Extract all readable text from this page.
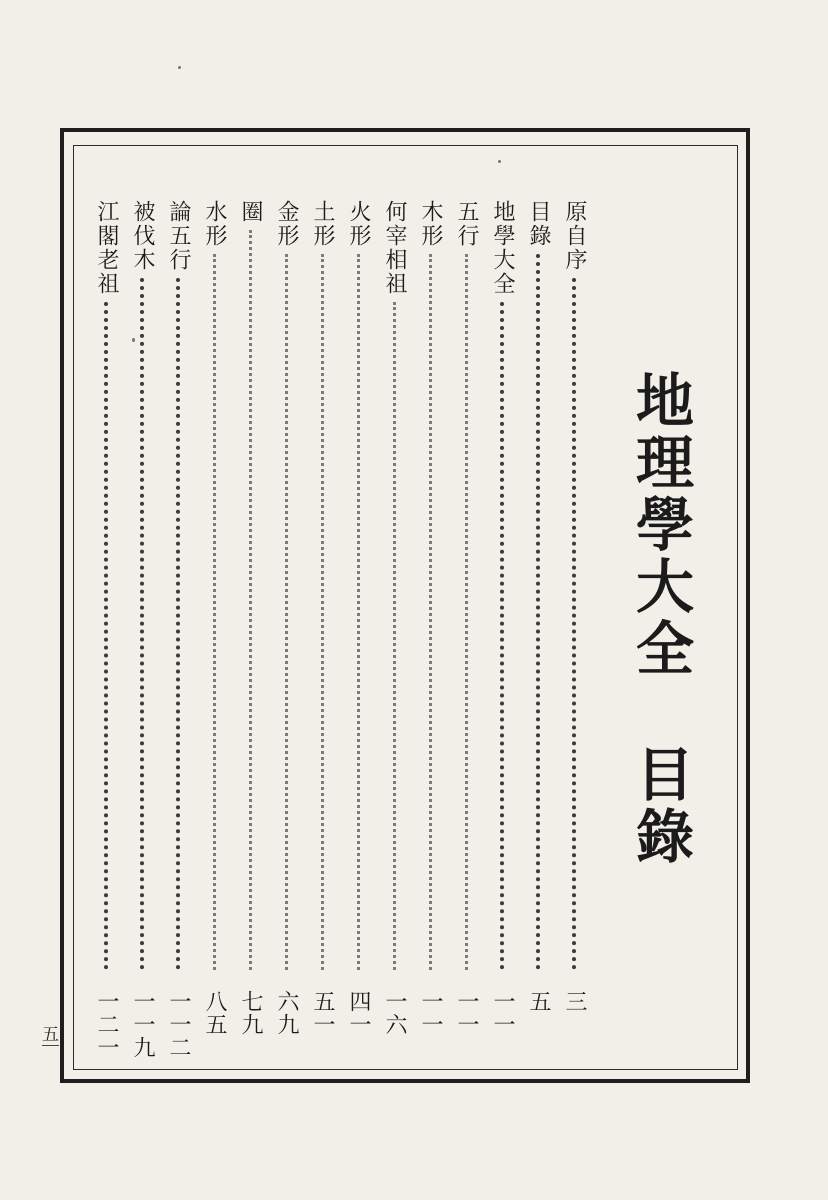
地理學大全目錄
原自序
三
目錄
五
地學大全
一一
五行
一一
木形
一一
何宰相祖
一六
火形
四一
土形
五一
金形
六九
圈
七九
水形
八五
論五行
一一二
被伐木
一一九
江閣老祖
一二一
五
